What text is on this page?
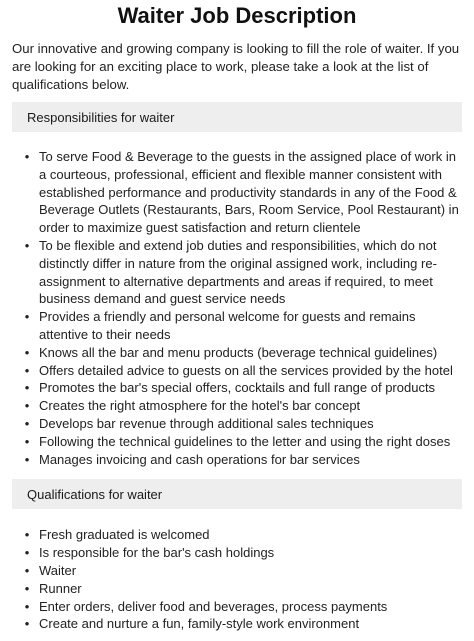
Waiter Job Description

Our innovative and growing company is looking to fill the role of waiter. If you are looking for an exciting place to work, please take a look at the list of qualifications below.

Responsibilities for waiter
• To serve Food & Beverage to the guests in the assigned place of work in a courteous, professional, efficient and flexible manner consistent with established performance and productivity standards in any of the Food & Beverage Outlets (Restaurants, Bars, Room Service, Pool Restaurant) in order to maximize guest satisfaction and return clientele
• To be flexible and extend job duties and responsibilities, which do not distinctly differ in nature from the original assigned work, including re-assignment to alternative departments and areas if required, to meet business demand and guest service needs
• Provides a friendly and personal welcome for guests and remains attentive to their needs
• Knows all the bar and menu products (beverage technical guidelines)
• Offers detailed advice to guests on all the services provided by the hotel
• Promotes the bar's special offers, cocktails and full range of products
• Creates the right atmosphere for the hotel's bar concept
• Develops bar revenue through additional sales techniques
• Following the technical guidelines to the letter and using the right doses
• Manages invoicing and cash operations for bar services
Qualifications for waiter
• Fresh graduated is welcomed
• Is responsible for the bar's cash holdings
• Waiter
• Runner
• Enter orders, deliver food and beverages, process payments
• Create and nurture a fun, family-style work environment
